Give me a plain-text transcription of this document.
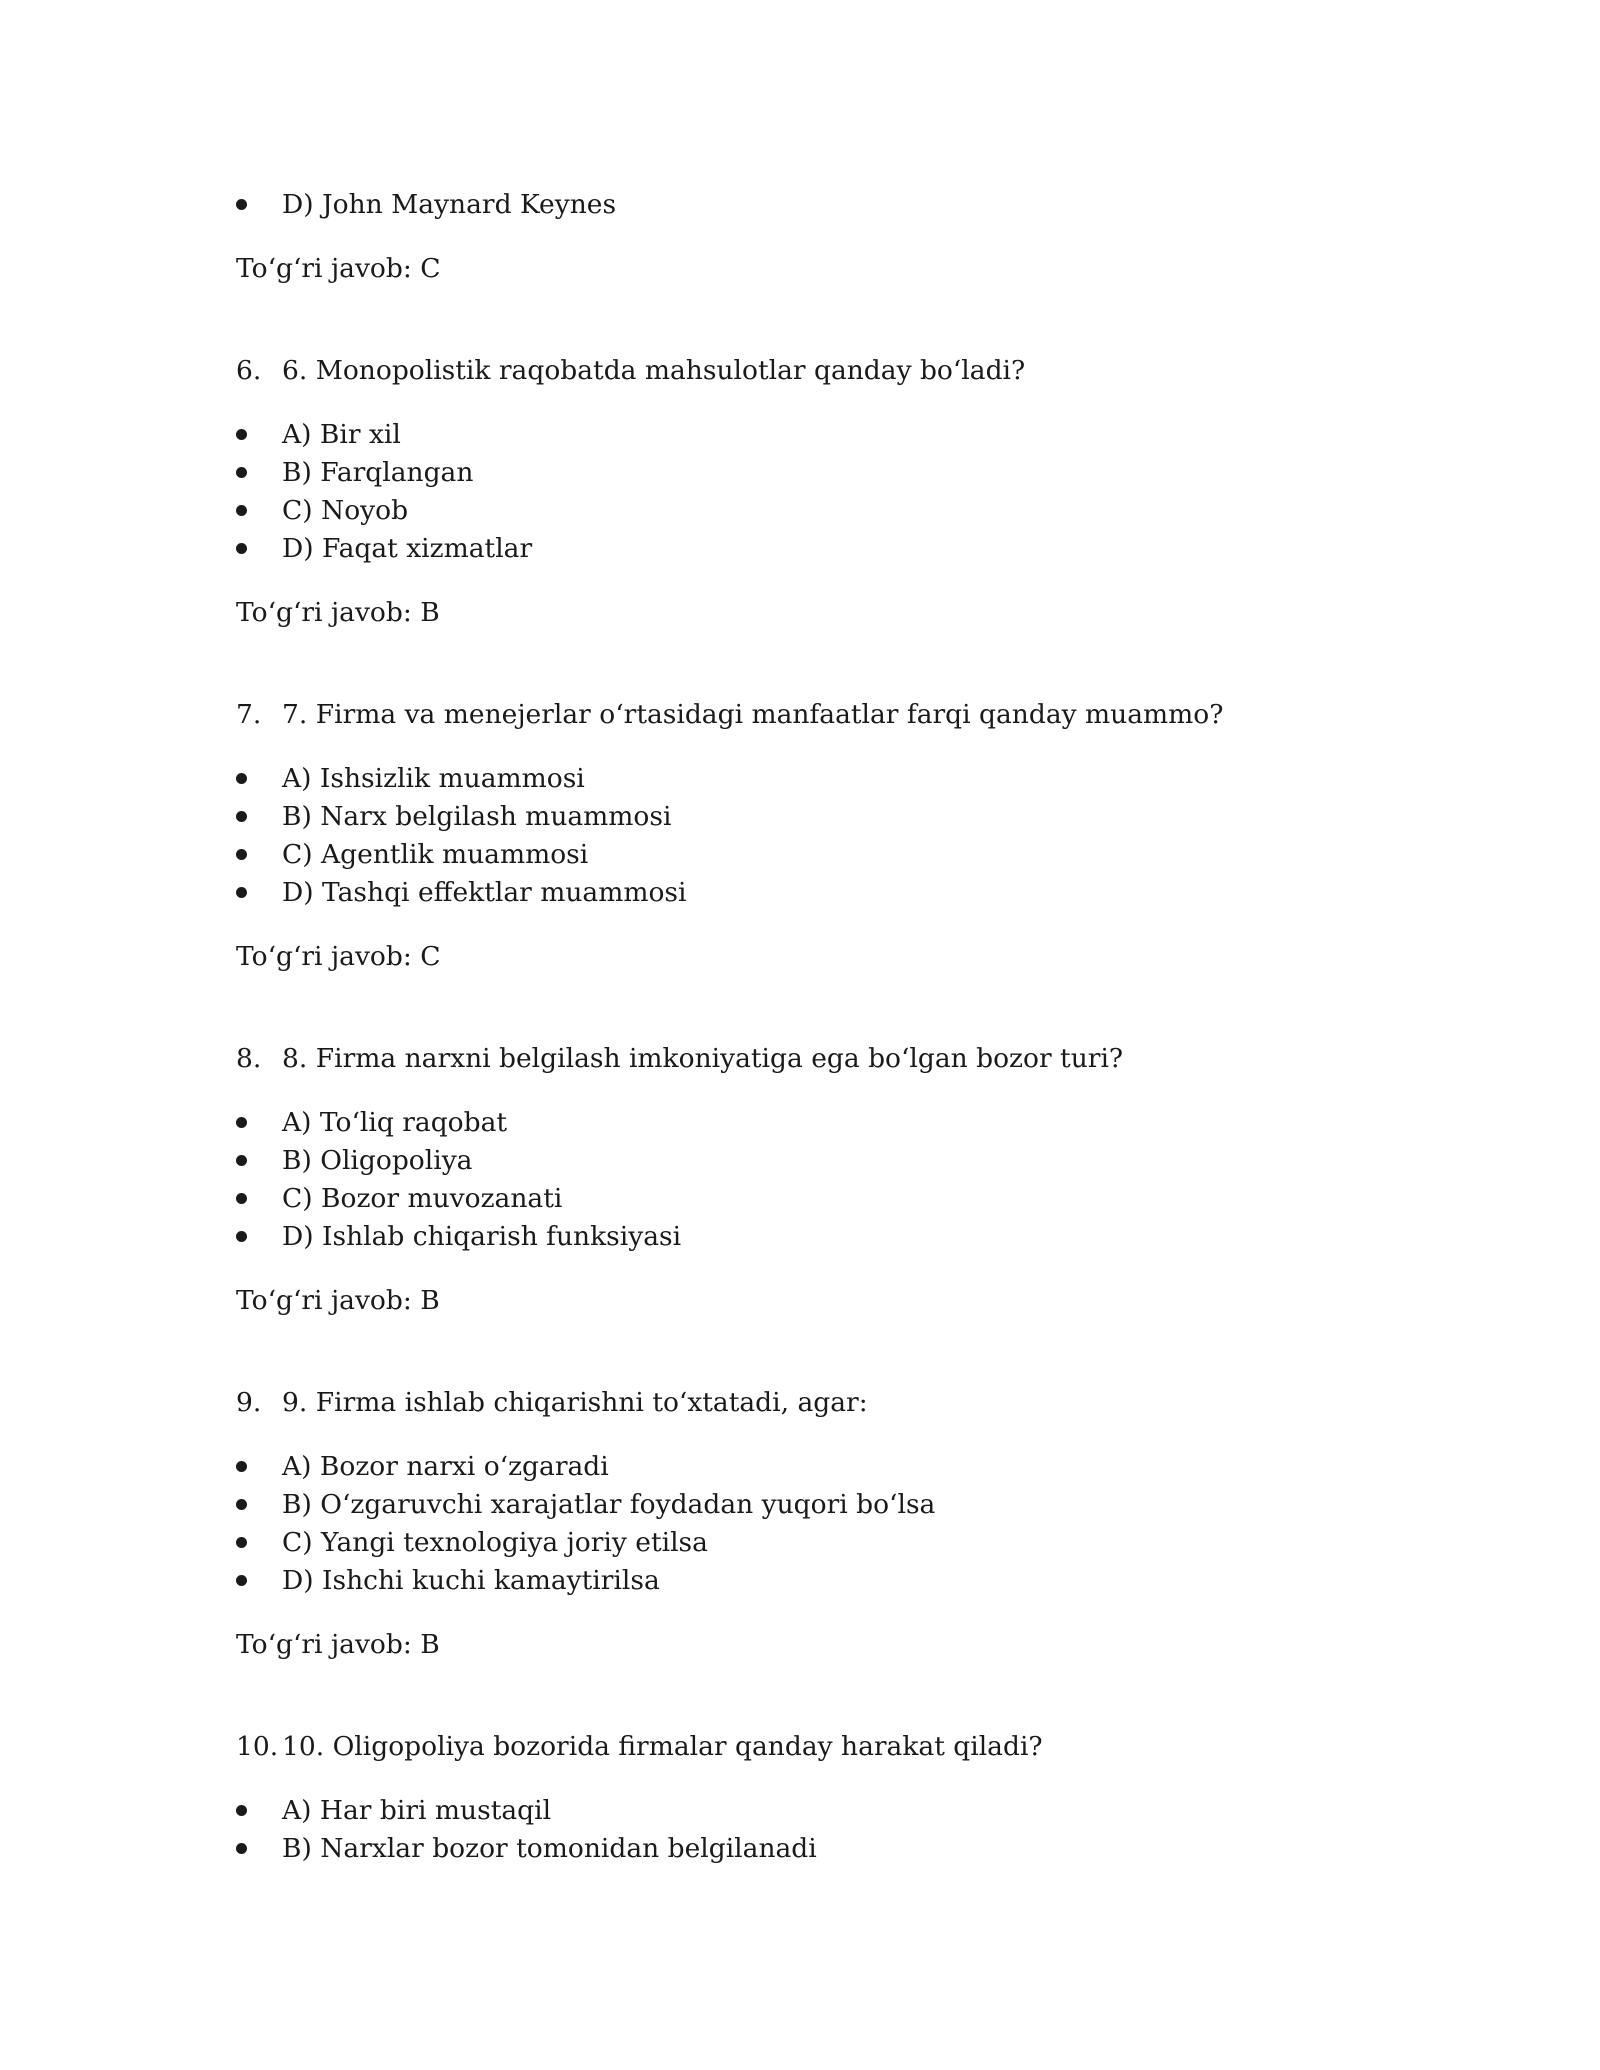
D) John Maynard Keynes
To‘g‘ri javob: C
6. 6. Monopolistik raqobatda mahsulotlar qanday bo‘ladi?
A) Bir xil
B) Farqlangan
C) Noyob
D) Faqat xizmatlar
To‘g‘ri javob: B
7. 7. Firma va menejerlar o‘rtasidagi manfaatlar farqi qanday muammo?
A) Ishsizlik muammosi
B) Narx belgilash muammosi
C) Agentlik muammosi
D) Tashqi effektlar muammosi
To‘g‘ri javob: C
8. 8. Firma narxni belgilash imkoniyatiga ega bo‘lgan bozor turi?
A) To‘liq raqobat
B) Oligopoliya
C) Bozor muvozanati
D) Ishlab chiqarish funksiyasi
To‘g‘ri javob: B
9. 9. Firma ishlab chiqarishni to‘xtatadi, agar:
A) Bozor narxi o‘zgaradi
B) O‘zgaruvchi xarajatlar foydadan yuqori bo‘lsa
C) Yangi texnologiya joriy etilsa
D) Ishchi kuchi kamaytirilsa
To‘g‘ri javob: B
10. 10. Oligopoliya bozorida firmalar qanday harakat qiladi?
A) Har biri mustaqil
B) Narxlar bozor tomonidan belgilanadi
